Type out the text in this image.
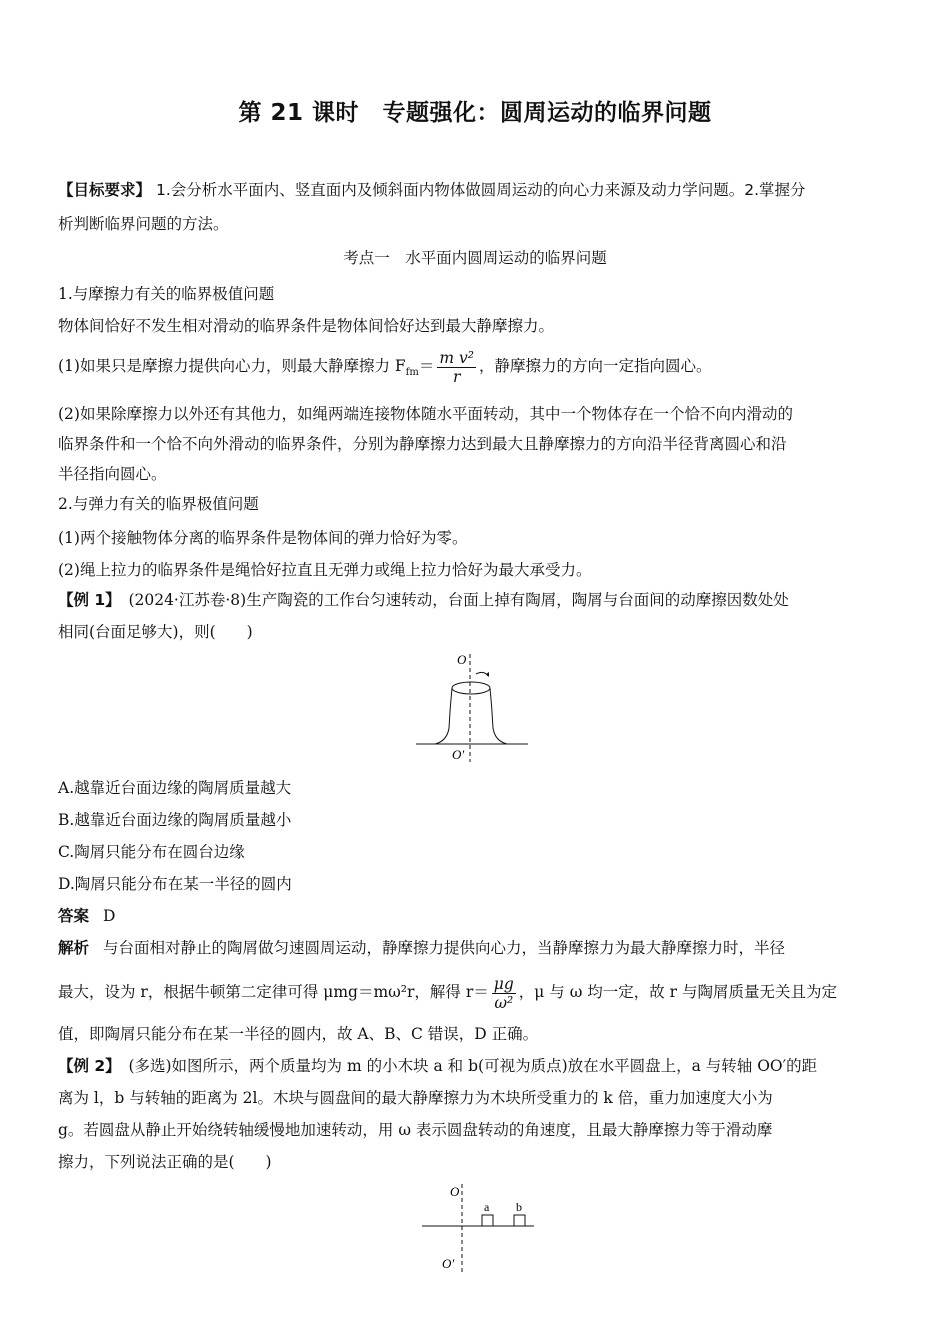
第 21 课时　专题强化：圆周运动的临界问题
【目标要求】 1.会分析水平面内、竖直面内及倾斜面内物体做圆周运动的向心力来源及动力学问题。2.掌握分
析判断临界问题的方法。
考点一　水平面内圆周运动的临界问题
1.与摩擦力有关的临界极值问题
物体间恰好不发生相对滑动的临界条件是物体间恰好达到最大静摩擦力。
(1)如果只是摩擦力提供向心力，则最大静摩擦力 $F_{fm}= \frac{\text{m v²}}{r}$ ，静摩擦力的方向一定指向圆心。
(2)如果除摩擦力以外还有其他力，如绳两端连接物体随水平面转动，其中一个物体存在一个恰不向内滑动的
临界条件和一个恰不向外滑动的临界条件，分别为静摩擦力达到最大且静摩擦力的方向沿半径背离圆心和沿
半径指向圆心。
2.与弹力有关的临界极值问题
(1)两个接触物体分离的临界条件是物体间的弹力恰好为零。
(2)绳上拉力的临界条件是绳恰好拉直且无弹力或绳上拉力恰好为最大承受力。
【例 1】　(2024·江苏卷·8)生产陶瓷的工作台匀速转动，台面上掉有陶屑，陶屑与台面间的动摩擦因数处处
相同(台面足够大)，则(　　)
O
O′
A.越靠近台面边缘的陶屑质量越大
B.越靠近台面边缘的陶屑质量越小
C.陶屑只能分布在圆台边缘
D.陶屑只能分布在某一半径的圆内
答案 D
解析 与台面相对静止的陶屑做匀速圆周运动，静摩擦力提供向心力，当静摩擦力为最大静摩擦力时，半径
最大，设为 r，根据牛顿第二定律可得 μmg＝mω²r，解得 $r= \frac{\mu g}{\text{ω²}}$ ，μ 与 ω 均一定，故 r 与陶屑质量无关且为定
值，即陶屑只能分布在某一半径的圆内，故 A、B、C 错误，D 正确。
【例 2】　(多选)如图所示，两个质量均为 m 的小木块 a 和 b(可视为质点)放在水平圆盘上，a 与转轴 OO′的距
离为 l，b 与转轴的距离为 2l。木块与圆盘间的最大静摩擦力为木块所受重力的 k 倍，重力加速度大小为
g。若圆盘从静止开始绕转轴缓慢地加速转动，用 ω 表示圆盘转动的角速度，且最大静摩擦力等于滑动摩
擦力，下列说法正确的是(　　)
O
O′
a b
